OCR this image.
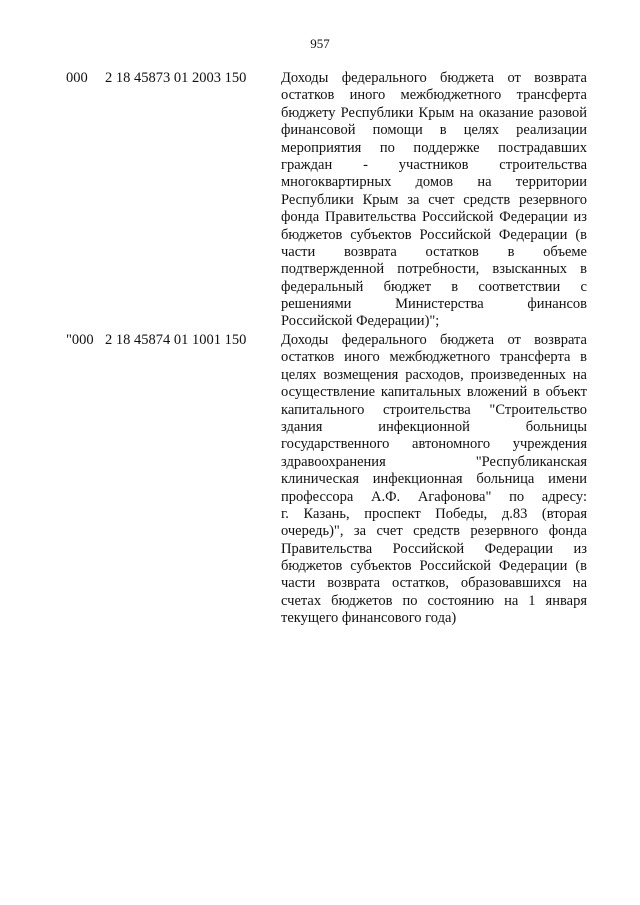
957
000 2 18 45873 01 2003 150 Доходы федерального бюджета от возврата
остатков иного межбюджетного трансферта
бюджету Республики Крым на оказание разовой
финансовой помощи в целях реализации
мероприятия по поддержке пострадавших
граждан - участников строительства
многоквартирных домов на территории
Республики Крым за счет средств резервного
фонда Правительства Российской Федерации из
бюджетов субъектов Российской Федерации (в
части возврата остатков в объеме
подтвержденной потребности, взысканных в
федеральный бюджет в соответствии с
решениями Министерства финансов
Российской Федерации)";
"000 2 18 45874 01 1001 150 Доходы федерального бюджета от возврата
остатков иного межбюджетного трансферта в
целях возмещения расходов, произведенных на
осуществление капитальных вложений в объект
капитального строительства "Строительство
здания инфекционной больницы
государственного автономного учреждения
здравоохранения "Республиканская
клиническая инфекционная больница имени
профессора А.Ф. Агафонова" по адресу:
г. Казань, проспект Победы, д.83 (вторая
очередь)", за счет средств резервного фонда
Правительства Российской Федерации из
бюджетов субъектов Российской Федерации (в
части возврата остатков, образовавшихся на
счетах бюджетов по состоянию на 1 января
текущего финансового года)
